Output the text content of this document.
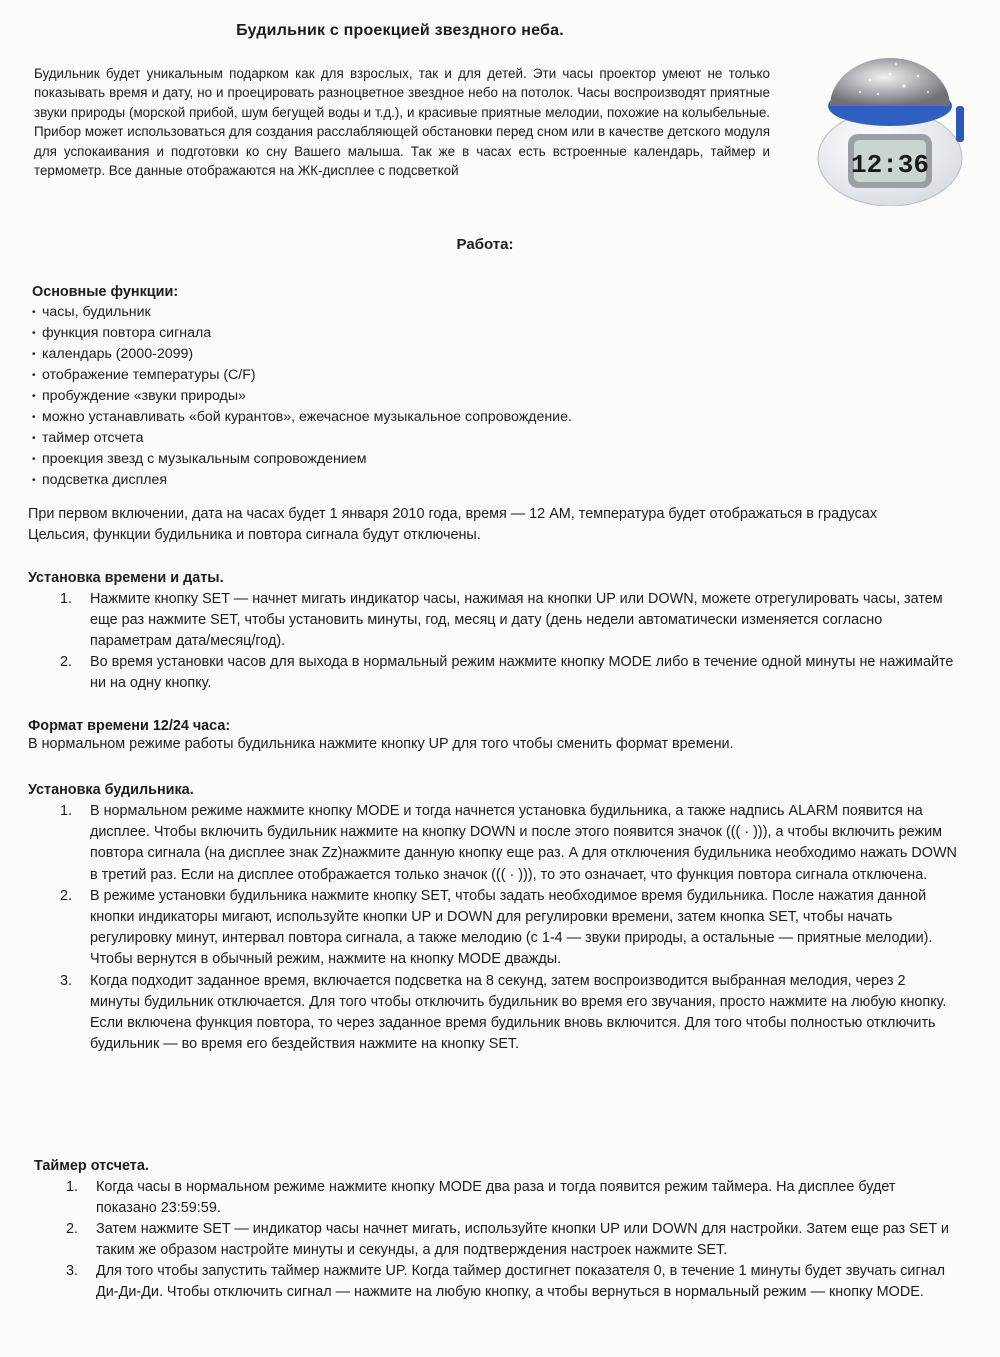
Будильник с проекцией звездного неба.

Будильник будет уникальным подарком как для взрослых, так и для детей. Эти часы проектор умеют не только показывать время и дату, но и проецировать разноцветное звездное небо на потолок. Часы воспроизводят приятные звуки природы (морской прибой, шум бегущей воды и т.д.), и красивые приятные мелодии, похожие на колыбельные. Прибор может использоваться для создания расслабляющей обстановки перед сном или в качестве детского модуля для успокаивания и подготовки ко сну Вашего малыша. Так же в часах есть встроенные календарь, таймер и термометр. Все данные отображаются на ЖК-дисплее с подсветкой	12:36
Работа:

Основные функции:

• часы, будильник
• функция повтора сигнала
• календарь (2000-2099)
• отображение температуры (C/F)
• пробуждение «звуки природы»
• можно устанавливать «бой курантов», ежечасное музыкальное сопровождение.
• таймер отсчета
• проекция звезд с музыкальным сопровождением
• подсветка дисплея

При первом включении, дата на часах будет 1 января 2010 года, время — 12 AM, температура будет отображаться в градусах Цельсия, функции будильника и повтора сигнала будут отключены.

Установка времени и даты.

1.	Нажмите кнопку SET — начнет мигать индикатор часы, нажимая на кнопки UP или DOWN, можете отрегулировать часы, затем еще раз нажмите SET, чтобы установить минуты, год, месяц и дату (день недели автоматически изменяется согласно параметрам дата/месяц/год).
2.	Во время установки часов для выхода в нормальный режим нажмите кнопку MODE либо в течение одной минуты не нажимайте ни на одну кнопку.

Формат времени 12/24 часа:

В нормальном режиме работы будильника нажмите кнопку UP для того чтобы сменить формат времени.

Установка будильника.

1.	В нормальном режиме нажмите кнопку MODE и тогда начнется установка будильника, а также надпись ALARM появится на дисплее. Чтобы включить будильник нажмите на кнопку DOWN и после этого появится значок ((( · ))), а чтобы включить режим повтора сигнала (на дисплее знак Zz)нажмите данную кнопку еще раз. А для отключения будильника необходимо нажать DOWN в третий раз. Если на дисплее отображается только значок ((( · ))), то это означает, что функция повтора сигнала отключена.
2.	В режиме установки будильника нажмите кнопку SET, чтобы задать необходимое время будильника. После нажатия данной кнопки индикаторы мигают, используйте кнопки UP и DOWN для регулировки времени, затем кнопка SET, чтобы начать регулировку минут, интервал повтора сигнала, а также мелодию (с 1-4 — звуки природы, а остальные — приятные мелодии). Чтобы вернутся в обычный режим, нажмите на кнопку MODE дважды.
3.	Когда подходит заданное время, включается подсветка на 8 секунд, затем воспроизводится выбранная мелодия, через 2 минуты будильник отключается. Для того чтобы отключить будильник во время его звучания, просто нажмите на любую кнопку. Если включена функция повтора, то через заданное время будильник вновь включится. Для того чтобы полностью отключить будильник — во время его бездействия нажмите на кнопку SET.

Таймер отсчета.

1.	Когда часы в нормальном режиме нажмите кнопку MODE два раза и тогда появится режим таймера. На дисплее будет показано 23:59:59.
2.	Затем нажмите SET — индикатор часы начнет мигать, используйте кнопки UP или DOWN для настройки. Затем еще раз SET и таким же образом настройте минуты и секунды, а для подтверждения настроек нажмите SET.
3.	Для того чтобы запустить таймер нажмите UP. Когда таймер достигнет показателя 0, в течение 1 минуты будет звучать сигнал Ди-Ди-Ди. Чтобы отключить сигнал — нажмите на любую кнопку, а чтобы вернуться в нормальный режим — кнопку MODE.
